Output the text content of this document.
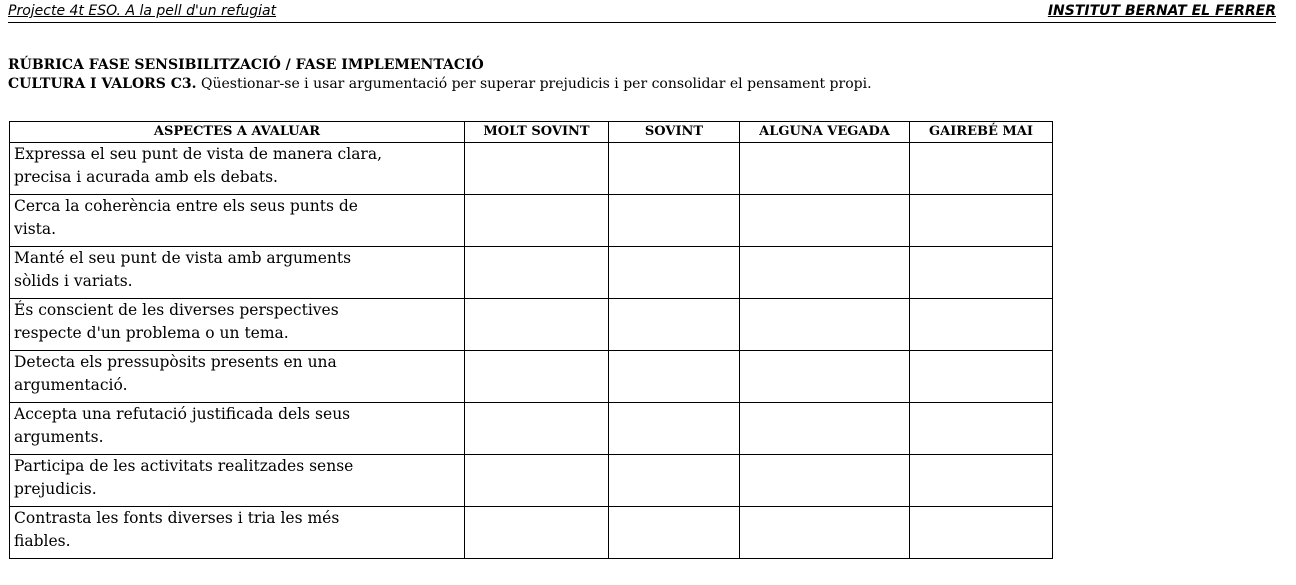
Projecte 4t ESO. A la pell d'un refugiat	INSTITUT BERNAT EL FERRER
RÚBRICA FASE SENSIBILITZACIÓ / FASE IMPLEMENTACIÓ
CULTURA I VALORS C3. Qüestionar-se i usar argumentació per superar prejudicis i per consolidar el pensament propi.
ASPECTES A AVALUAR	MOLT SOVINT	SOVINT	ALGUNA VEGADA	GAIREBÉ MAI

Expressa el seu punt de vista de manera clara,
precisa i acurada amb els debats.				

Cerca la coherència entre els seus punts de
vista.				

Manté el seu punt de vista amb arguments
sòlids i variats.				

És conscient de les diverses perspectives
respecte d'un problema o un tema.				

Detecta els pressupòsits presents en una
argumentació.				

Accepta una refutació justificada dels seus
arguments.				

Participa de les activitats realitzades sense
prejudicis.				

Contrasta les fonts diverses i tria les més
fiables.				
